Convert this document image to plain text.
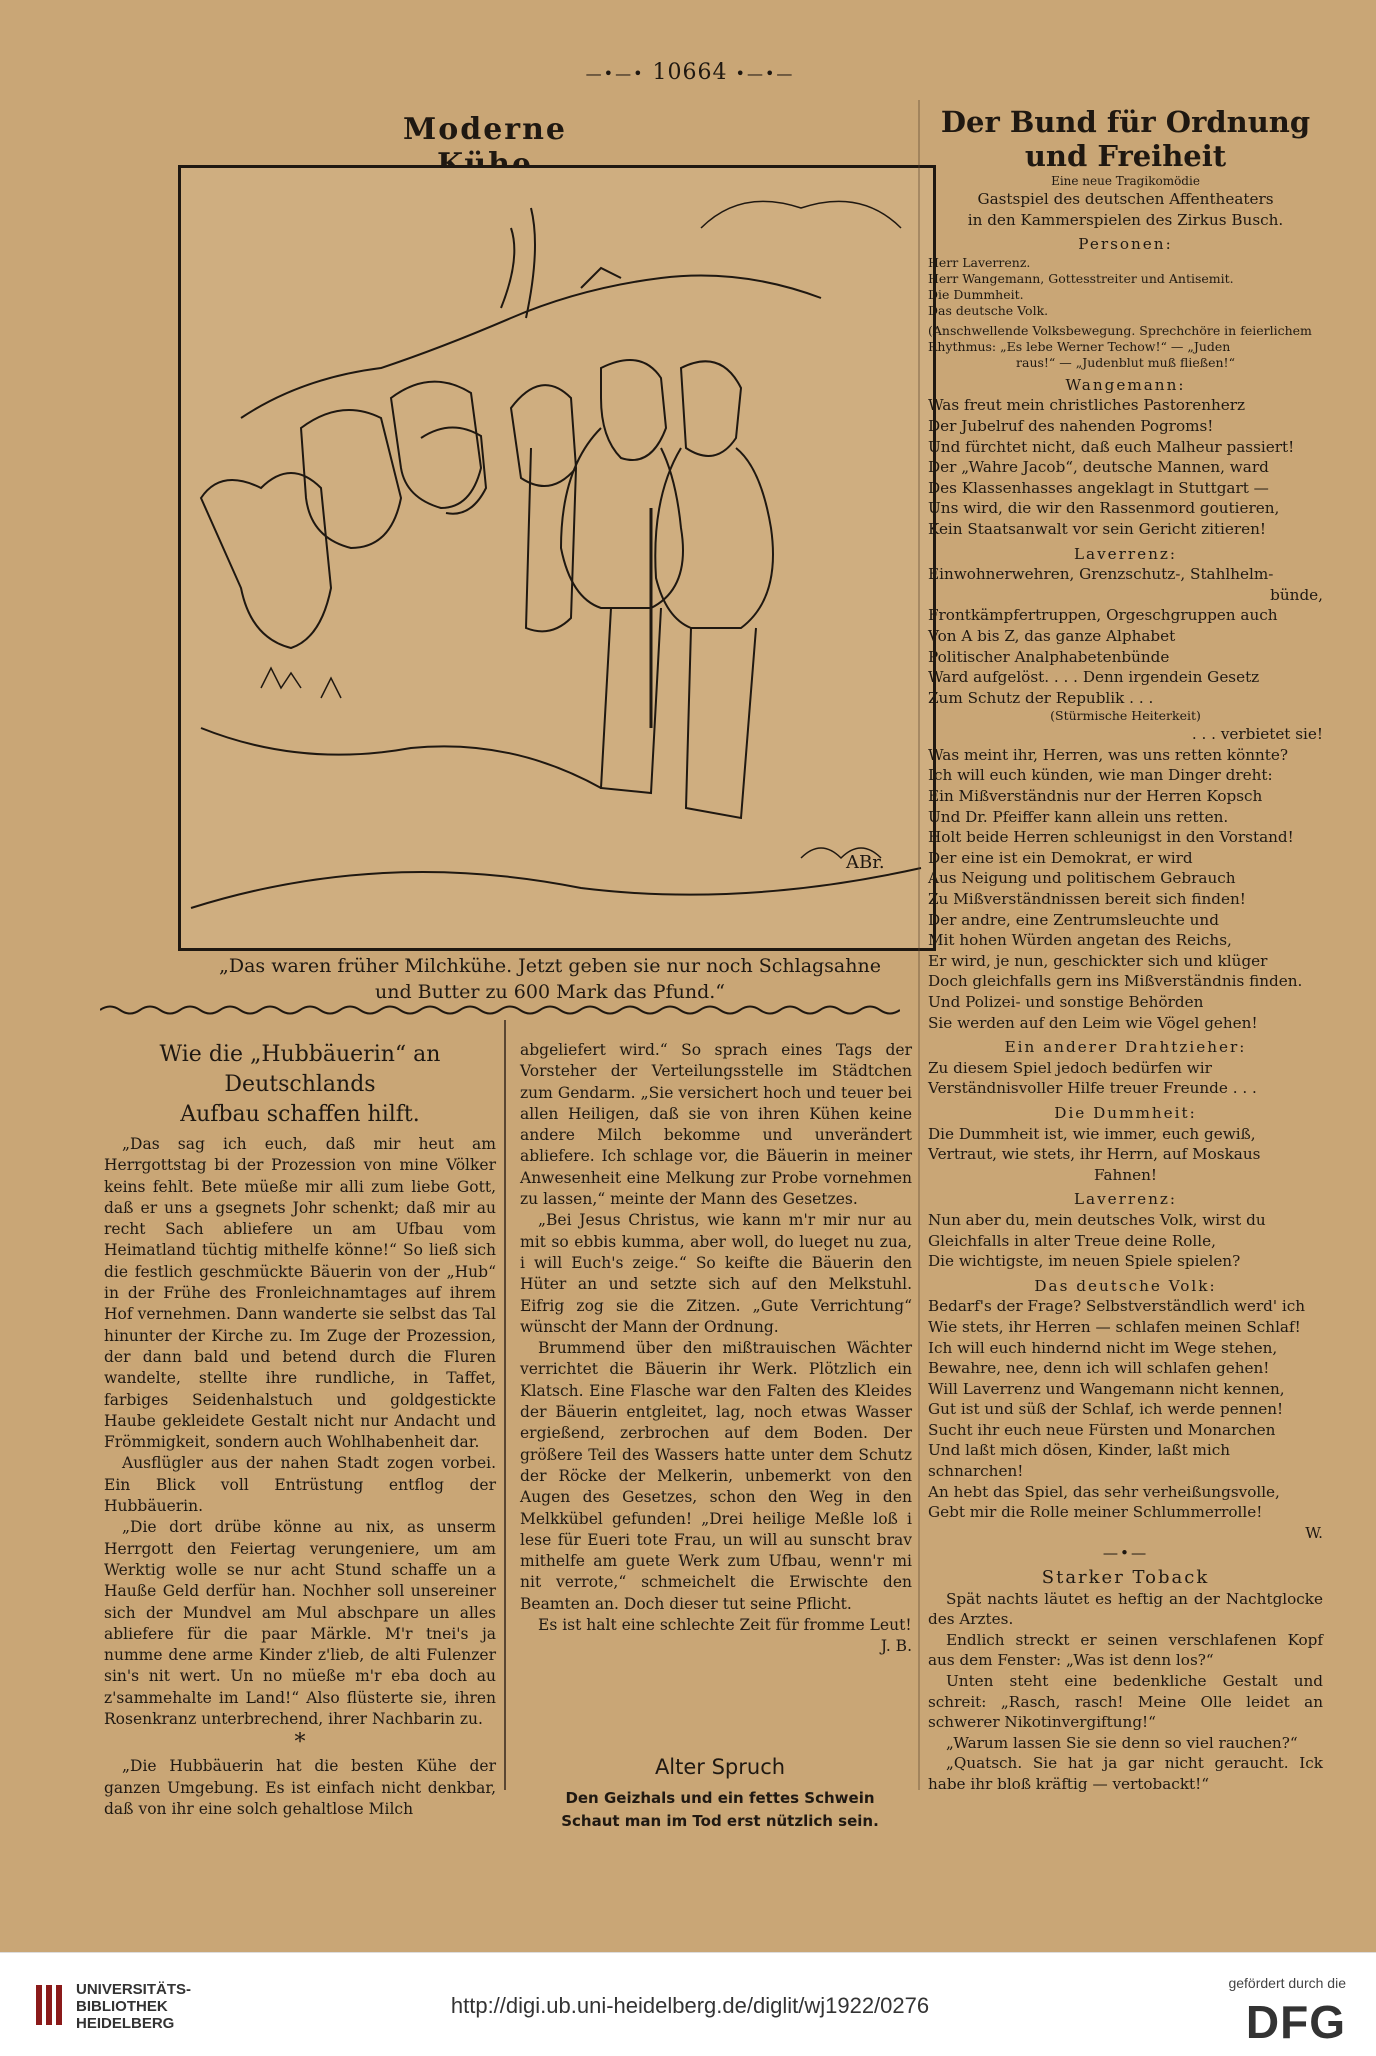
—•—• 10664 •—•—
Moderne
ABr.
„Das waren früher Milchkühe. Jetzt geben sie nur noch Schlagsahne
und Butter zu 600 Mark das Pfund.“
Wie die „Hubbäuerin“ an Deutschlands
Aufbau schaffen hilft.

„Das sag ich euch, daß mir heut am Herrgottstag bi der Prozession von mine Völker keins fehlt. Bete müeße mir alli zum liebe Gott, daß er uns a gsegnets Johr schenkt; daß mir au recht Sach abliefere un am Ufbau vom Heimatland tüchtig mithelfe könne!“ So ließ sich die festlich geschmückte Bäuerin von der „Hub“ in der Frühe des Fronleichnamtages auf ihrem Hof vernehmen. Dann wanderte sie selbst das Tal hinunter der Kirche zu. Im Zuge der Prozession, der dann bald und betend durch die Fluren wandelte, stellte ihre rundliche, in Taffet, farbiges Seidenhalstuch und goldgestickte Haube gekleidete Gestalt nicht nur Andacht und Frömmigkeit, sondern auch Wohlhabenheit dar.

Ausflügler aus der nahen Stadt zogen vorbei. Ein Blick voll Entrüstung entflog der Hubbäuerin.

„Die dort drübe könne au nix, as unserm Herrgott den Feiertag verungeniere, um am Werktig wolle se nur acht Stund schaffe un a Hauße Geld derfür han. Nochher soll unsereiner sich der Mundvel am Mul abschpare un alles abliefere für die paar Märkle. M'r tnei's ja numme dene arme Kinder z'lieb, de alti Fulenzer sin's nit wert. Un no müeße m'r eba doch au z'sammehalte im Land!“ Also flüsterte sie, ihren Rosenkranz unterbrechend, ihrer Nachbarin zu.

*

„Die Hubbäuerin hat die besten Kühe der ganzen Umgebung. Es ist einfach nicht denkbar, daß von ihr eine solch gehaltlose Milch

abgeliefert wird.“ So sprach eines Tags der Vorsteher der Verteilungsstelle im Städtchen zum Gendarm. „Sie versichert hoch und teuer bei allen Heiligen, daß sie von ihren Kühen keine andere Milch bekomme und unverändert abliefere. Ich schlage vor, die Bäuerin in meiner Anwesenheit eine Melkung zur Probe vornehmen zu lassen,“ meinte der Mann des Gesetzes.

„Bei Jesus Christus, wie kann m'r mir nur au mit so ebbis kumma, aber woll, do lueget nu zua, i will Euch's zeige.“ So keifte die Bäuerin den Hüter an und setzte sich auf den Melkstuhl. Eifrig zog sie die Zitzen. „Gute Verrichtung“ wünscht der Mann der Ordnung.

Brummend über den mißtrauischen Wächter verrichtet die Bäuerin ihr Werk. Plötzlich ein Klatsch. Eine Flasche war den Falten des Kleides der Bäuerin entgleitet, lag, noch etwas Wasser ergießend, zerbrochen auf dem Boden. Der größere Teil des Wassers hatte unter dem Schutz der Röcke der Melkerin, unbemerkt von den Augen des Gesetzes, schon den Weg in den Melkkübel gefunden! „Drei heilige Meßle loß i lese für Eueri tote Frau, un will au sunscht brav mithelfe am guete Werk zum Ufbau, wenn'r mi nit verrote,“ schmeichelt die Erwischte den Beamten an. Doch dieser tut seine Pflicht.

Es ist halt eine schlechte Zeit für fromme Leut!

J. B.
Alter Spruch
Den Geizhals und ein fettes Schwein
Schaut man im Tod erst nützlich sein.
Der Bund für Ordnung und Freiheit
Eine neue Tragikomödie
Gastspiel des deutschen Affentheaters
in den Kammerspielen des Zirkus Busch.
Personen:
Herr Laverrenz.
Herr Wangemann, Gottesstreiter und Antisemit.
Die Dummheit.
Das deutsche Volk.
(Anschwellende Volksbewegung. Sprechchöre in feierlichem Rhythmus: „Es lebe Werner Techow!“ — „Juden
raus!“ — „Judenblut muß fließen!“
Wangemann:
Was freut mein christliches Pastorenherz
Der Jubelruf des nahenden Pogroms!
Und fürchtet nicht, daß euch Malheur passiert!
Der „Wahre Jacob“, deutsche Mannen, ward
Des Klassenhasses angeklagt in Stuttgart —
Uns wird, die wir den Rassenmord goutieren,
Kein Staatsanwalt vor sein Gericht zitieren!
Laverrenz:
Einwohnerwehren, Grenzschutz-, Stahlhelm-
bünde,
Frontkämpfertruppen, Orgeschgruppen auch
Von A bis Z, das ganze Alphabet
Politischer Analphabetenbünde
Ward aufgelöst. . . . Denn irgendein Gesetz
Zum Schutz der Republik . . .
(Stürmische Heiterkeit)
. . . verbietet sie!
Was meint ihr, Herren, was uns retten könnte?
Ich will euch künden, wie man Dinger dreht:
Ein Mißverständnis nur der Herren Kopsch
Und Dr. Pfeiffer kann allein uns retten.
Holt beide Herren schleunigst in den Vorstand!
Der eine ist ein Demokrat, er wird
Aus Neigung und politischem Gebrauch
Zu Mißverständnissen bereit sich finden!
Der andre, eine Zentrumsleuchte und
Mit hohen Würden angetan des Reichs,
Er wird, je nun, geschickter sich und klüger
Doch gleichfalls gern ins Mißverständnis finden.
Und Polizei- und sonstige Behörden
Sie werden auf den Leim wie Vögel gehen!
Ein anderer Drahtzieher:
Zu diesem Spiel jedoch bedürfen wir
Verständnisvoller Hilfe treuer Freunde . . .
Die Dummheit:
Die Dummheit ist, wie immer, euch gewiß,
Vertraut, wie stets, ihr Herrn, auf Moskaus
Fahnen!
Laverrenz:
Nun aber du, mein deutsches Volk, wirst du
Gleichfalls in alter Treue deine Rolle,
Die wichtigste, im neuen Spiele spielen?
Das deutsche Volk:
Bedarf's der Frage? Selbstverständlich werd' ich
Wie stets, ihr Herren — schlafen meinen Schlaf!
Ich will euch hindernd nicht im Wege stehen,
Bewahre, nee, denn ich will schlafen gehen!
Will Laverrenz und Wangemann nicht kennen,
Gut ist und süß der Schlaf, ich werde pennen!
Sucht ihr euch neue Fürsten und Monarchen
Und laßt mich dösen, Kinder, laßt mich schnarchen!
An hebt das Spiel, das sehr verheißungsvolle,
Gebt mir die Rolle meiner Schlummerrolle!
W.
—•—
Starker Toback

Spät nachts läutet es heftig an der Nachtglocke des Arztes.

Endlich streckt er seinen verschlafenen Kopf aus dem Fenster: „Was ist denn los?“

Unten steht eine bedenkliche Gestalt und schreit: „Rasch, rasch! Meine Olle leidet an schwerer Nikotinvergiftung!“

„Warum lassen Sie sie denn so viel rauchen?“

„Quatsch. Sie hat ja gar nicht geraucht. Ick habe ihr bloß kräftig — vertobackt!“

UNIVERSITÄTS-
BIBLIOTHEK
HEIDELBERG
http://digi.ub.uni-heidelberg.de/diglit/wj1922/0276
gefördert durch die
DFG
